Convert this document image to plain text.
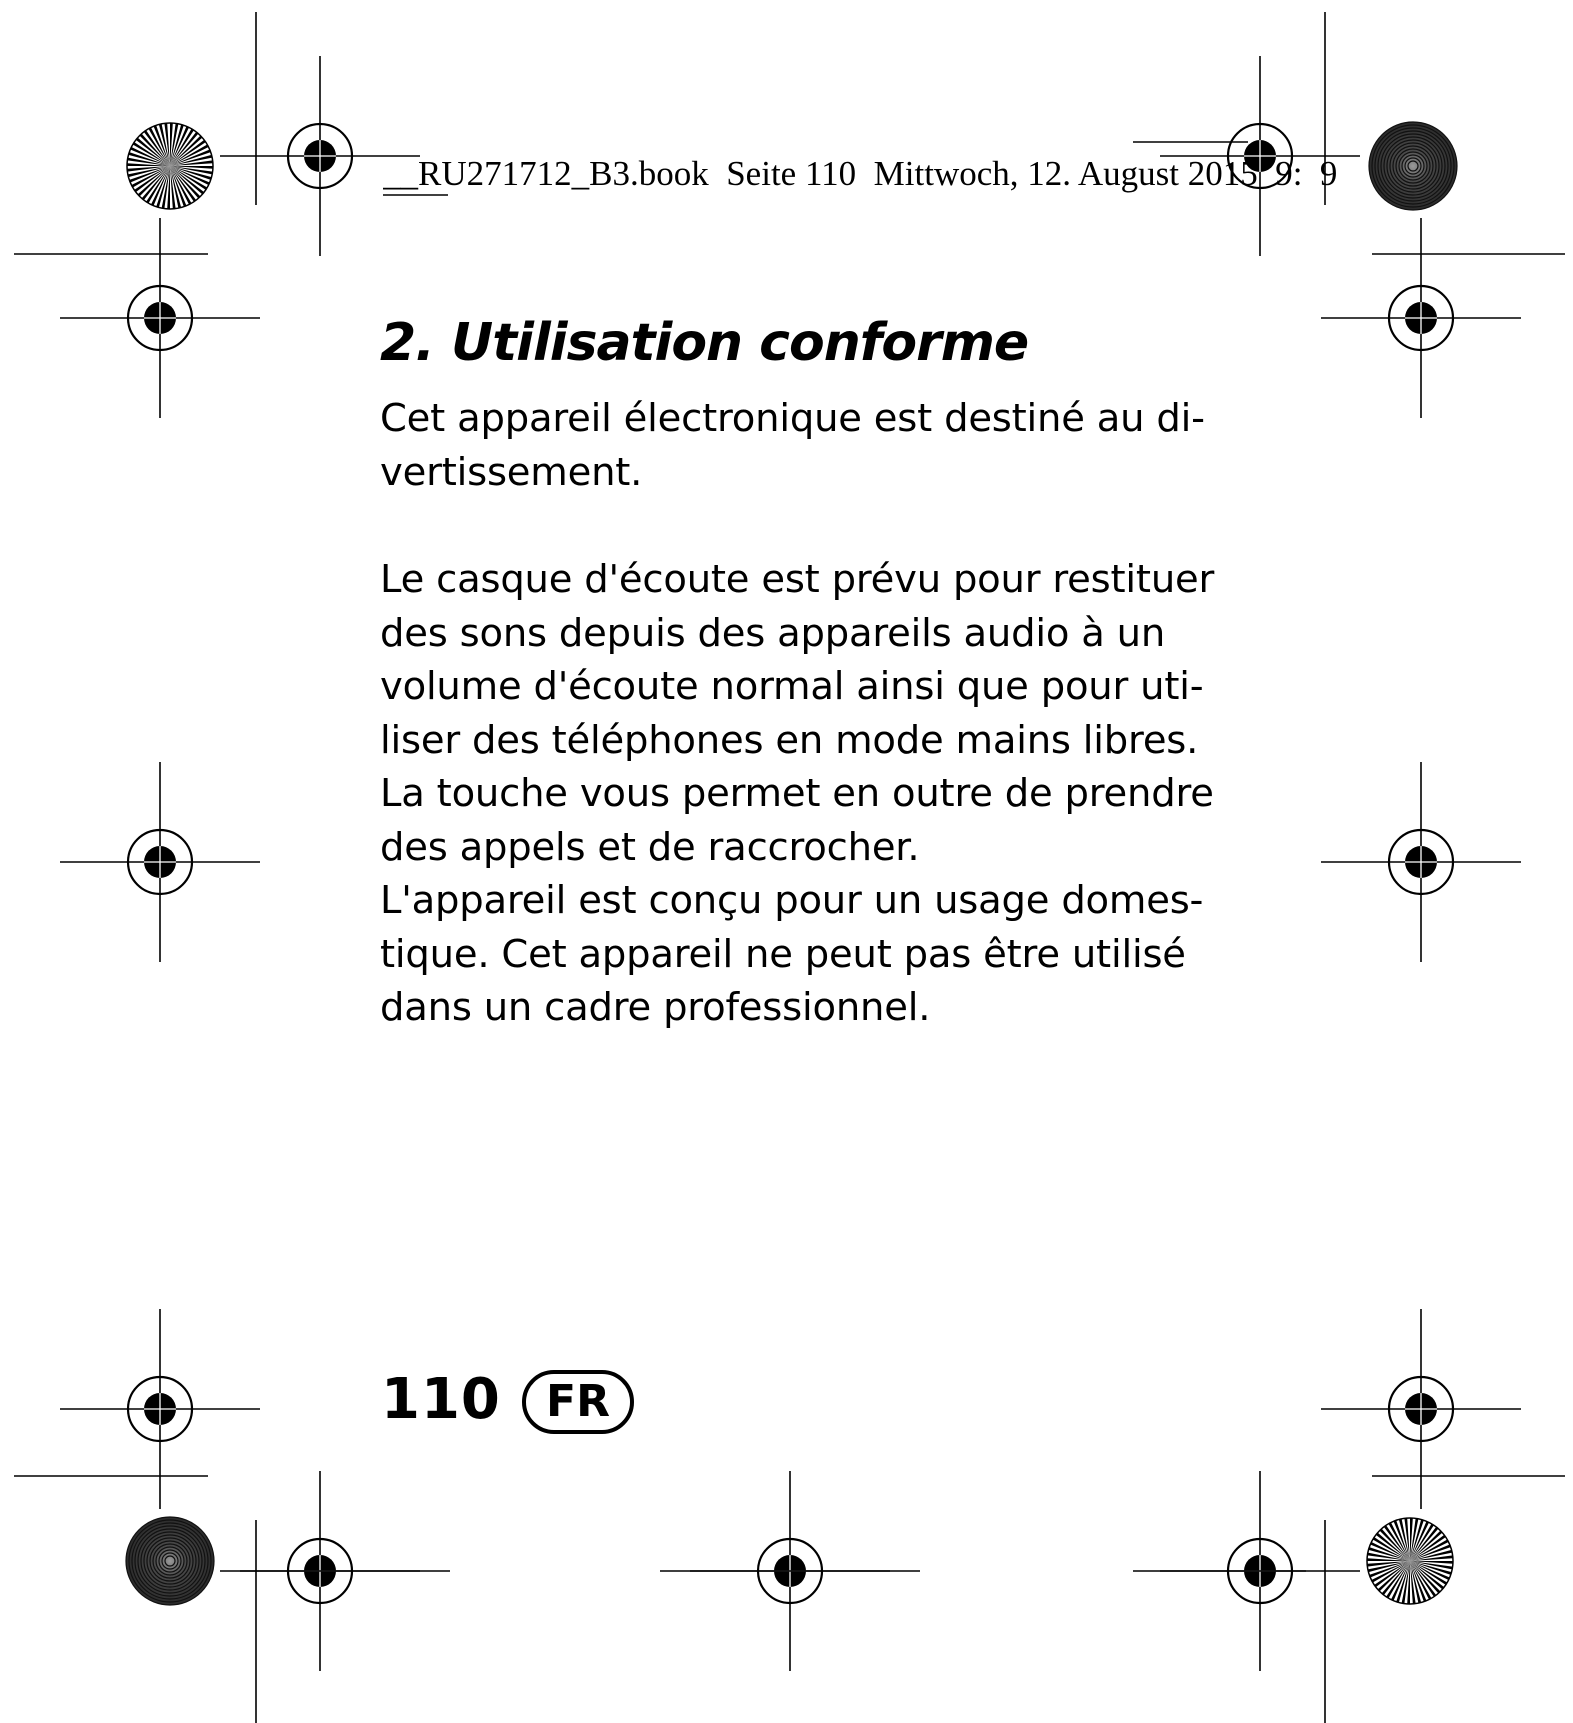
__RU271712_B3.book  Seite 110  Mittwoch, 12. August 2015  9:  9

2. Utilisation conforme

Cet appareil électronique est destiné au di-

vertissement.

Le casque d'écoute est prévu pour restituer

des sons depuis des appareils audio à un

volume d'écoute normal ainsi que pour uti-

liser des téléphones en mode mains libres.

La touche vous permet en outre de prendre

des appels et de raccrocher.

L'appareil est conçu pour un usage domes-

tique. Cet appareil ne peut pas être utilisé

dans un cadre professionnel.

110	FR
